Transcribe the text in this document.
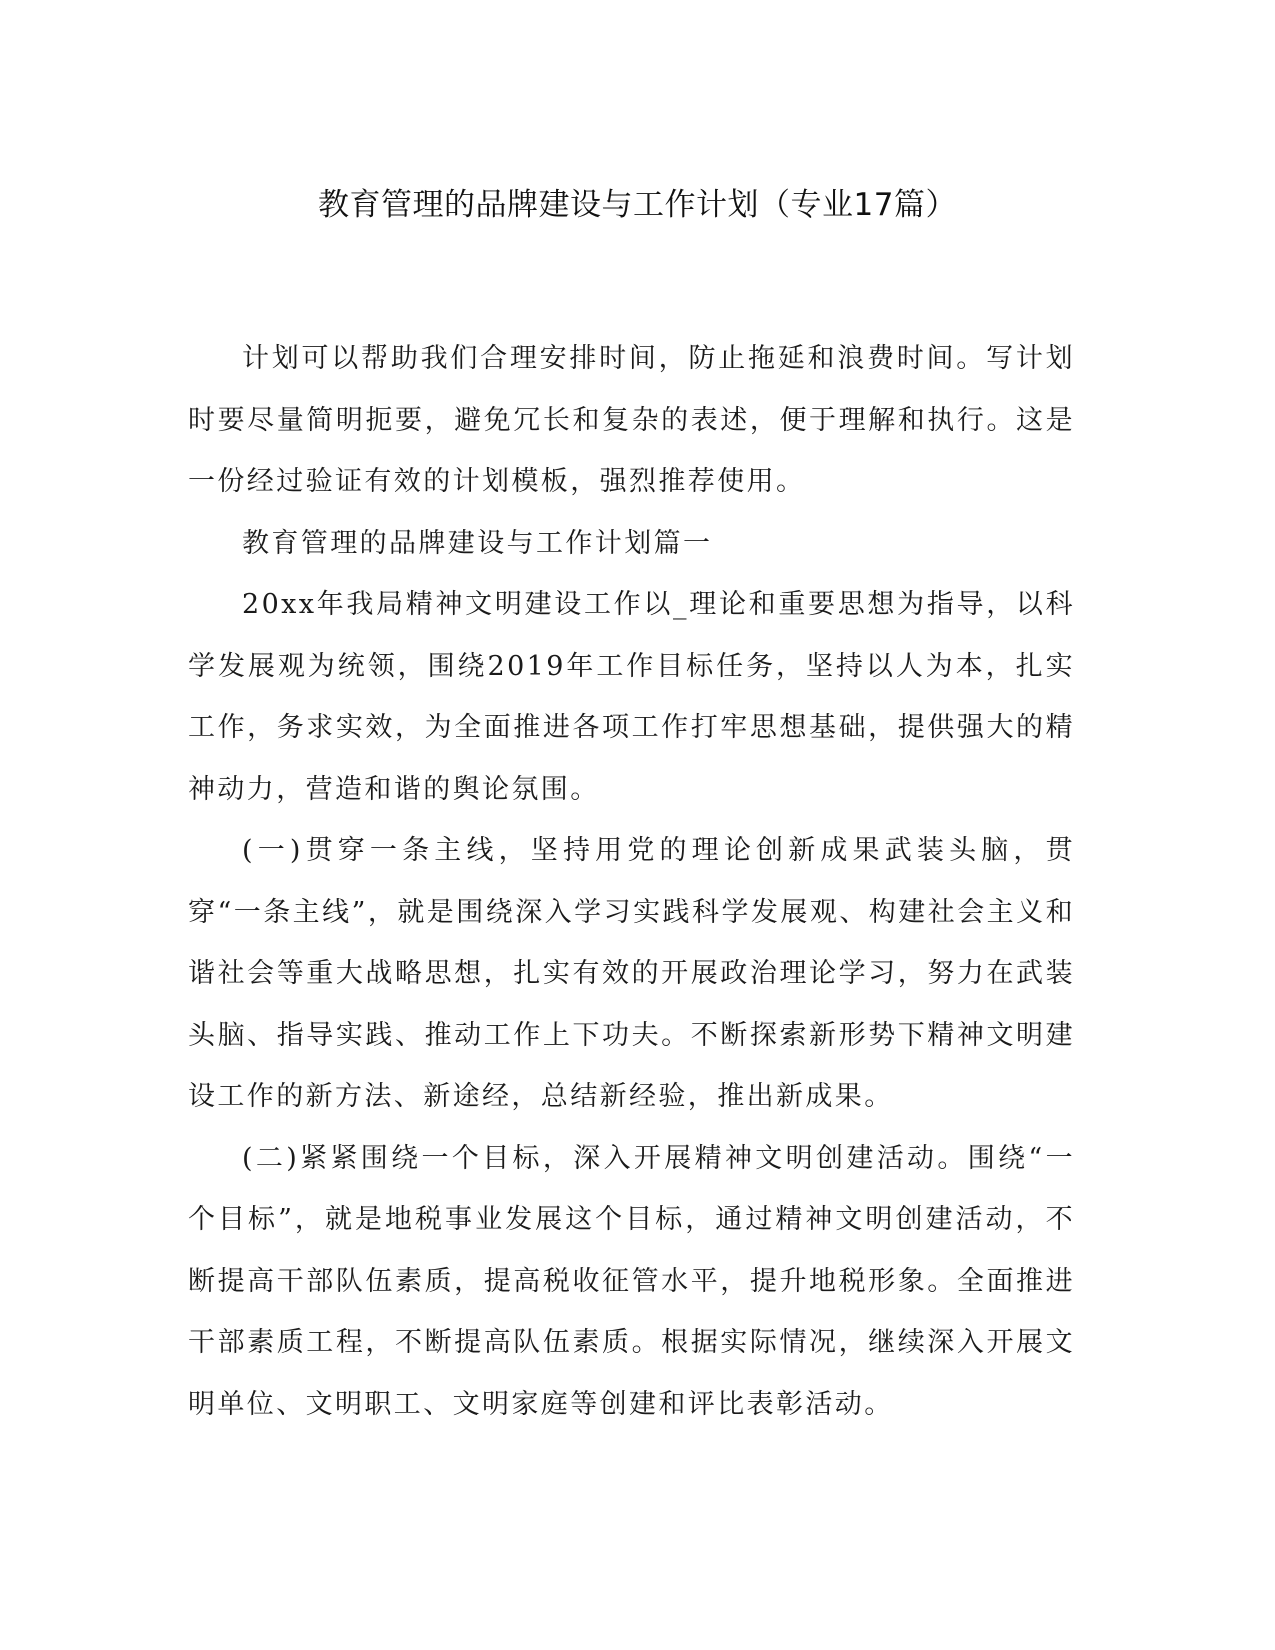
教育管理的品牌建设与工作计划（专业17篇）

计划可以帮助我们合理安排时间，防止拖延和浪费时间。写计划时要尽量简明扼要，避免冗长和复杂的表述，便于理解和执行。这是一份经过验证有效的计划模板，强烈推荐使用。

教育管理的品牌建设与工作计划篇一

20xx年我局精神文明建设工作以_理论和重要思想为指导，以科学发展观为统领，围绕2019年工作目标任务，坚持以人为本，扎实工作，务求实效，为全面推进各项工作打牢思想基础，提供强大的精神动力，营造和谐的舆论氛围。

(一)贯穿一条主线，坚持用党的理论创新成果武装头脑，贯穿“一条主线”，就是围绕深入学习实践科学发展观、构建社会主义和谐社会等重大战略思想，扎实有效的开展政治理论学习，努力在武装头脑、指导实践、推动工作上下功夫。不断探索新形势下精神文明建设工作的新方法、新途经，总结新经验，推出新成果。

(二)紧紧围绕一个目标，深入开展精神文明创建活动。围绕“一个目标”，就是地税事业发展这个目标，通过精神文明创建活动，不断提高干部队伍素质，提高税收征管水平，提升地税形象。全面推进干部素质工程，不断提高队伍素质。根据实际情况，继续深入开展文明单位、文明职工、文明家庭等创建和评比表彰活动。
